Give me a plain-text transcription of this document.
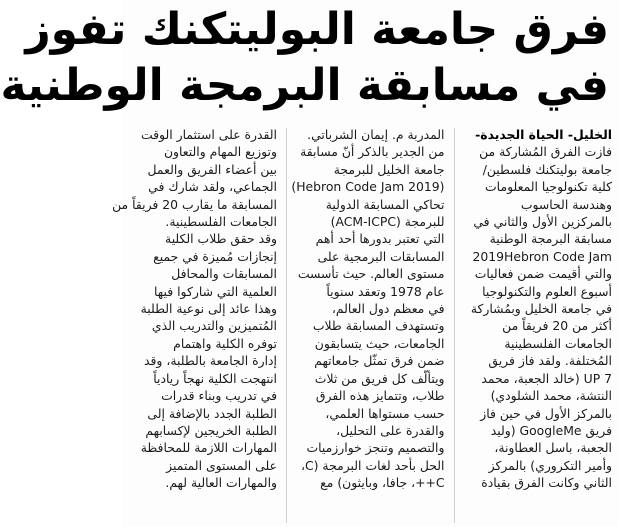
فرق جامعة البوليتكنك تفوز
في مسابقة البرمجة الوطنية
الخليل- الحياة الجديدة-
فازت الفرق المُشاركة من
جامعة بوليتكنك فلسطين/
كلية تكنولوجيا المعلومات
وهندسة الحاسوب
بالمركزين الأول والثاني في
مسابقة البرمجة الوطنية
2019Hebron Code Jam
والتي أقيمت ضمن فعاليات
أسبوع العلوم والتكنولوجيا
في جامعة الخليل وبمُشاركة
أكثر من 20 فريقاً من
الجامعات الفلسطينية
المُختلفة. ولقد فاز فريق
UP 7 (خالد الجعبة، محمد
النتشة، محمد الشلودي)
بالمركز الأول في حين فاز
فريق GoogleMe (وليد
الجعبة، باسل العطاونة،
وأمير التكروري) بالمركز
الثاني وكانت الفرق بقيادة
المدربة م. إيمان الشرباتي.
من الجدير بالذكر أنّ مسابقة
جامعة الخليل للبرمجة
(Hebron Code Jam 2019)
تحاكي المسابقة الدولية
للبرمجة (ACM-ICPC)
التي تعتبر بدورها أحد أهم
المسابقات البرمجية على
مستوى العالم. حيث تأسست
عام 1978 وتعقد سنوياً
في معظم دول العالم،
وتستهدف المسابقة طلاب
الجامعات، حيث يتسابقون
ضمن فرق تمثّل جامعاتهم
ويتألّف كل فريق من ثلاث
طلاب، وتتمايز هذه الفرق
حسب مستواها العلمي،
والقدرة على التحليل،
والتصميم وتنجز خوارزميات
الحل بأحد لغات البرمجة (C،
C++، جافا، وبايثون) مع
القدرة على استثمار الوقت
وتوزيع المهام والتعاون
بين أعضاء الفريق والعمل
الجماعي، ولقد شارك في
المسابقة ما يقارب 20 فريقاً من
الجامعات الفلسطينية.
وقد حقق طلاب الكلية
إنجازات مُميزة في جميع
المسابقات والمحافل
العلمية التي شاركوا فيها
وهذا عائد إلى نوعية الطلبة
المُتميزين والتدريب الذي
توفره الكلية واهتمام
إدارة الجامعة بالطلبة، وقد
انتهجت الكلية نهجاً ريادياً
في تدريب وبناء قدرات
الطلبة الجدد بالإضافة إلى
الطلبة الخريجين لإكسابهم
المهارات اللازمة للمحافظة
على المستوى المتميز
والمهارات العالية لهم.
